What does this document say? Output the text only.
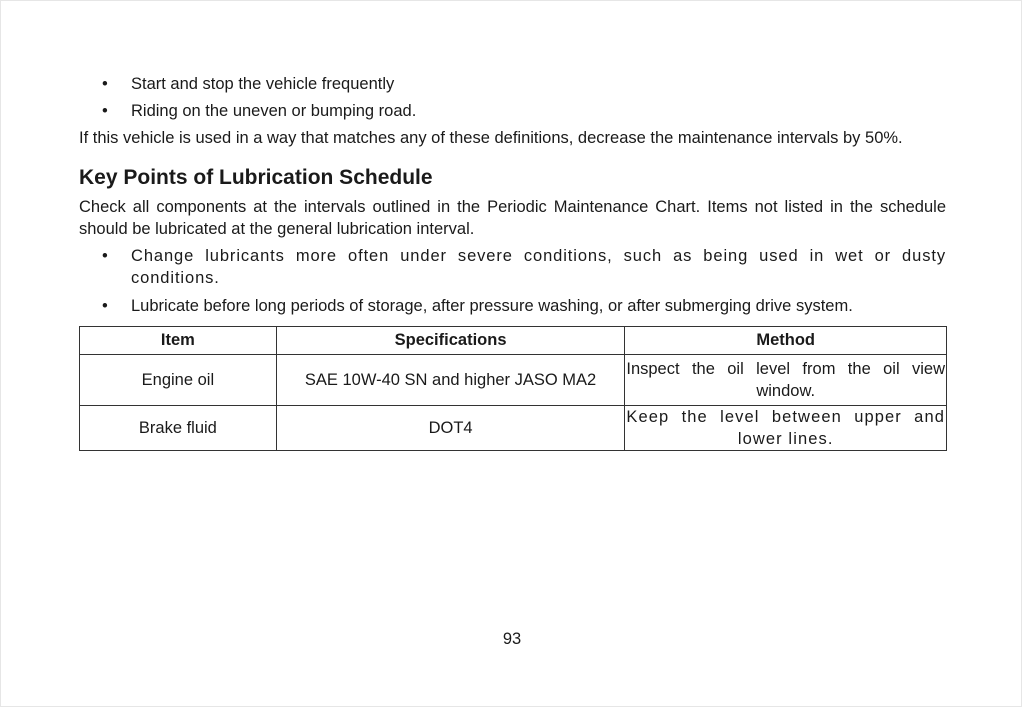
• Start and stop the vehicle frequently
• Riding on the uneven or bumping road.
If this vehicle is used in a way that matches any of these definitions, decrease the maintenance intervals by 50%.
Key Points of Lubrication Schedule
Check all components at the intervals outlined in the Periodic Maintenance Chart. Items not listed in the schedule should be lubricated at the general lubrication interval.
• Change lubricants more often under severe conditions, such as being used in wet or dusty conditions.
• Lubricate before long periods of storage, after pressure washing, or after submerging drive system.
Item	Specifications	Method
Engine oil	SAE 10W-40 SN and higher JASO MA2	Inspect the oil level from the oil view window.

Brake fluid	DOT4	Keep the level between upper and lower lines.
93
